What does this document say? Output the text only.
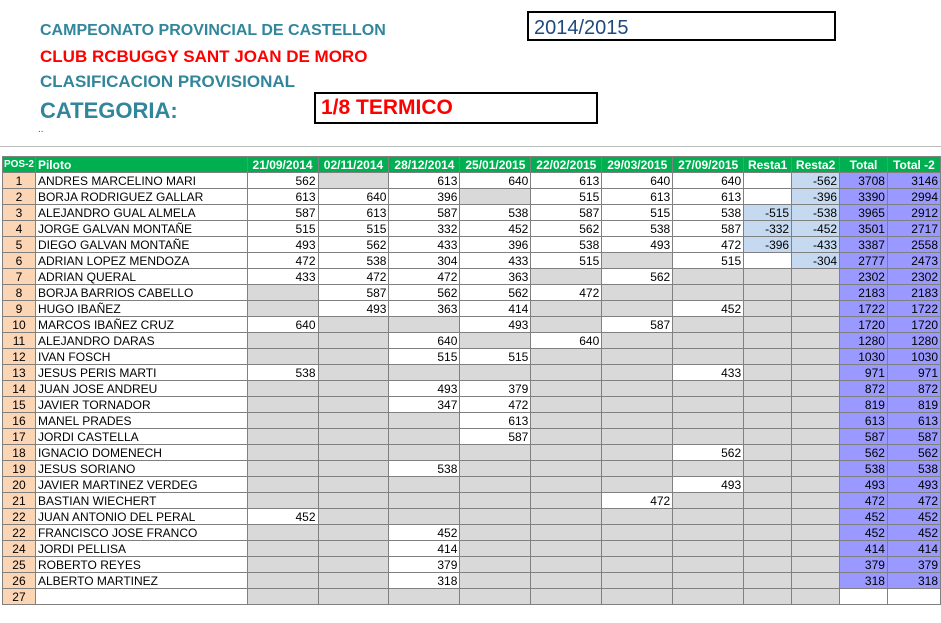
CAMPEONATO PROVINCIAL DE CASTELLON
CLUB RCBUGGY SANT JOAN DE MORO
CLASIFICACION PROVISIONAL
CATEGORIA:
2014/2015
1/8 TERMICO
..
POS-2	Piloto	21/09/2014	02/11/2014	28/12/2014	25/01/2015	22/02/2015	29/03/2015	27/09/2015	Resta1	Resta2	Total	Total -2
1	ANDRES MARCELINO MARI	562		613	640	613	640	640		-562	3708	3146
2	BORJA RODRIGUEZ GALLAR	613	640	396		515	613	613		-396	3390	2994
3	ALEJANDRO GUAL ALMELA	587	613	587	538	587	515	538	-515	-538	3965	2912
4	JORGE GALVAN MONTAÑE	515	515	332	452	562	538	587	-332	-452	3501	2717
5	DIEGO GALVAN MONTAÑE	493	562	433	396	538	493	472	-396	-433	3387	2558
6	ADRIAN LOPEZ MENDOZA	472	538	304	433	515		515		-304	2777	2473
7	ADRIAN QUERAL	433	472	472	363		562				2302	2302
8	BORJA BARRIOS CABELLO		587	562	562	472					2183	2183
9	HUGO IBAÑEZ		493	363	414			452			1722	1722
10	MARCOS IBAÑEZ CRUZ	640			493		587				1720	1720
11	ALEJANDRO DARAS			640		640					1280	1280
12	IVAN FOSCH			515	515						1030	1030
13	JESUS PERIS MARTI	538						433			971	971
14	JUAN JOSE ANDREU			493	379						872	872
15	JAVIER TORNADOR			347	472						819	819
16	MANEL PRADES				613						613	613
17	JORDI CASTELLA				587						587	587
18	IGNACIO DOMENECH							562			562	562
19	JESUS SORIANO			538							538	538
20	JAVIER MARTINEZ VERDEG							493			493	493
21	BASTIAN WIECHERT						472				472	472
22	JUAN ANTONIO DEL PERAL	452									452	452
22	FRANCISCO JOSE FRANCO			452							452	452
24	JORDI PELLISA			414							414	414
25	ROBERTO REYES			379							379	379
26	ALBERTO MARTINEZ			318							318	318
27												
